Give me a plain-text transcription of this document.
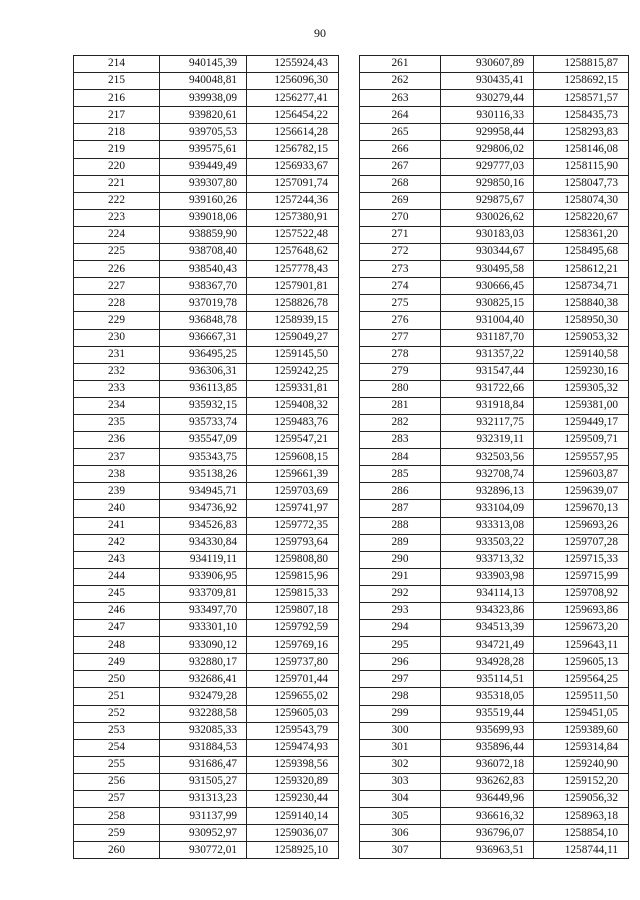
90
214	940145,39	1255924,43
215	940048,81	1256096,30
216	939938,09	1256277,41
217	939820,61	1256454,22
218	939705,53	1256614,28
219	939575,61	1256782,15
220	939449,49	1256933,67
221	939307,80	1257091,74
222	939160,26	1257244,36
223	939018,06	1257380,91
224	938859,90	1257522,48
225	938708,40	1257648,62
226	938540,43	1257778,43
227	938367,70	1257901,81
228	937019,78	1258826,78
229	936848,78	1258939,15
230	936667,31	1259049,27
231	936495,25	1259145,50
232	936306,31	1259242,25
233	936113,85	1259331,81
234	935932,15	1259408,32
235	935733,74	1259483,76
236	935547,09	1259547,21
237	935343,75	1259608,15
238	935138,26	1259661,39
239	934945,71	1259703,69
240	934736,92	1259741,97
241	934526,83	1259772,35
242	934330,84	1259793,64
243	934119,11	1259808,80
244	933906,95	1259815,96
245	933709,81	1259815,33
246	933497,70	1259807,18
247	933301,10	1259792,59
248	933090,12	1259769,16
249	932880,17	1259737,80
250	932686,41	1259701,44
251	932479,28	1259655,02
252	932288,58	1259605,03
253	932085,33	1259543,79
254	931884,53	1259474,93
255	931686,47	1259398,56
256	931505,27	1259320,89
257	931313,23	1259230,44
258	931137,99	1259140,14
259	930952,97	1259036,07
260	930772,01	1258925,10
261	930607,89	1258815,87
262	930435,41	1258692,15
263	930279,44	1258571,57
264	930116,33	1258435,73
265	929958,44	1258293,83
266	929806,02	1258146,08
267	929777,03	1258115,90
268	929850,16	1258047,73
269	929875,67	1258074,30
270	930026,62	1258220,67
271	930183,03	1258361,20
272	930344,67	1258495,68
273	930495,58	1258612,21
274	930666,45	1258734,71
275	930825,15	1258840,38
276	931004,40	1258950,30
277	931187,70	1259053,32
278	931357,22	1259140,58
279	931547,44	1259230,16
280	931722,66	1259305,32
281	931918,84	1259381,00
282	932117,75	1259449,17
283	932319,11	1259509,71
284	932503,56	1259557,95
285	932708,74	1259603,87
286	932896,13	1259639,07
287	933104,09	1259670,13
288	933313,08	1259693,26
289	933503,22	1259707,28
290	933713,32	1259715,33
291	933903,98	1259715,99
292	934114,13	1259708,92
293	934323,86	1259693,86
294	934513,39	1259673,20
295	934721,49	1259643,11
296	934928,28	1259605,13
297	935114,51	1259564,25
298	935318,05	1259511,50
299	935519,44	1259451,05
300	935699,93	1259389,60
301	935896,44	1259314,84
302	936072,18	1259240,90
303	936262,83	1259152,20
304	936449,96	1259056,32
305	936616,32	1258963,18
306	936796,07	1258854,10
307	936963,51	1258744,11
